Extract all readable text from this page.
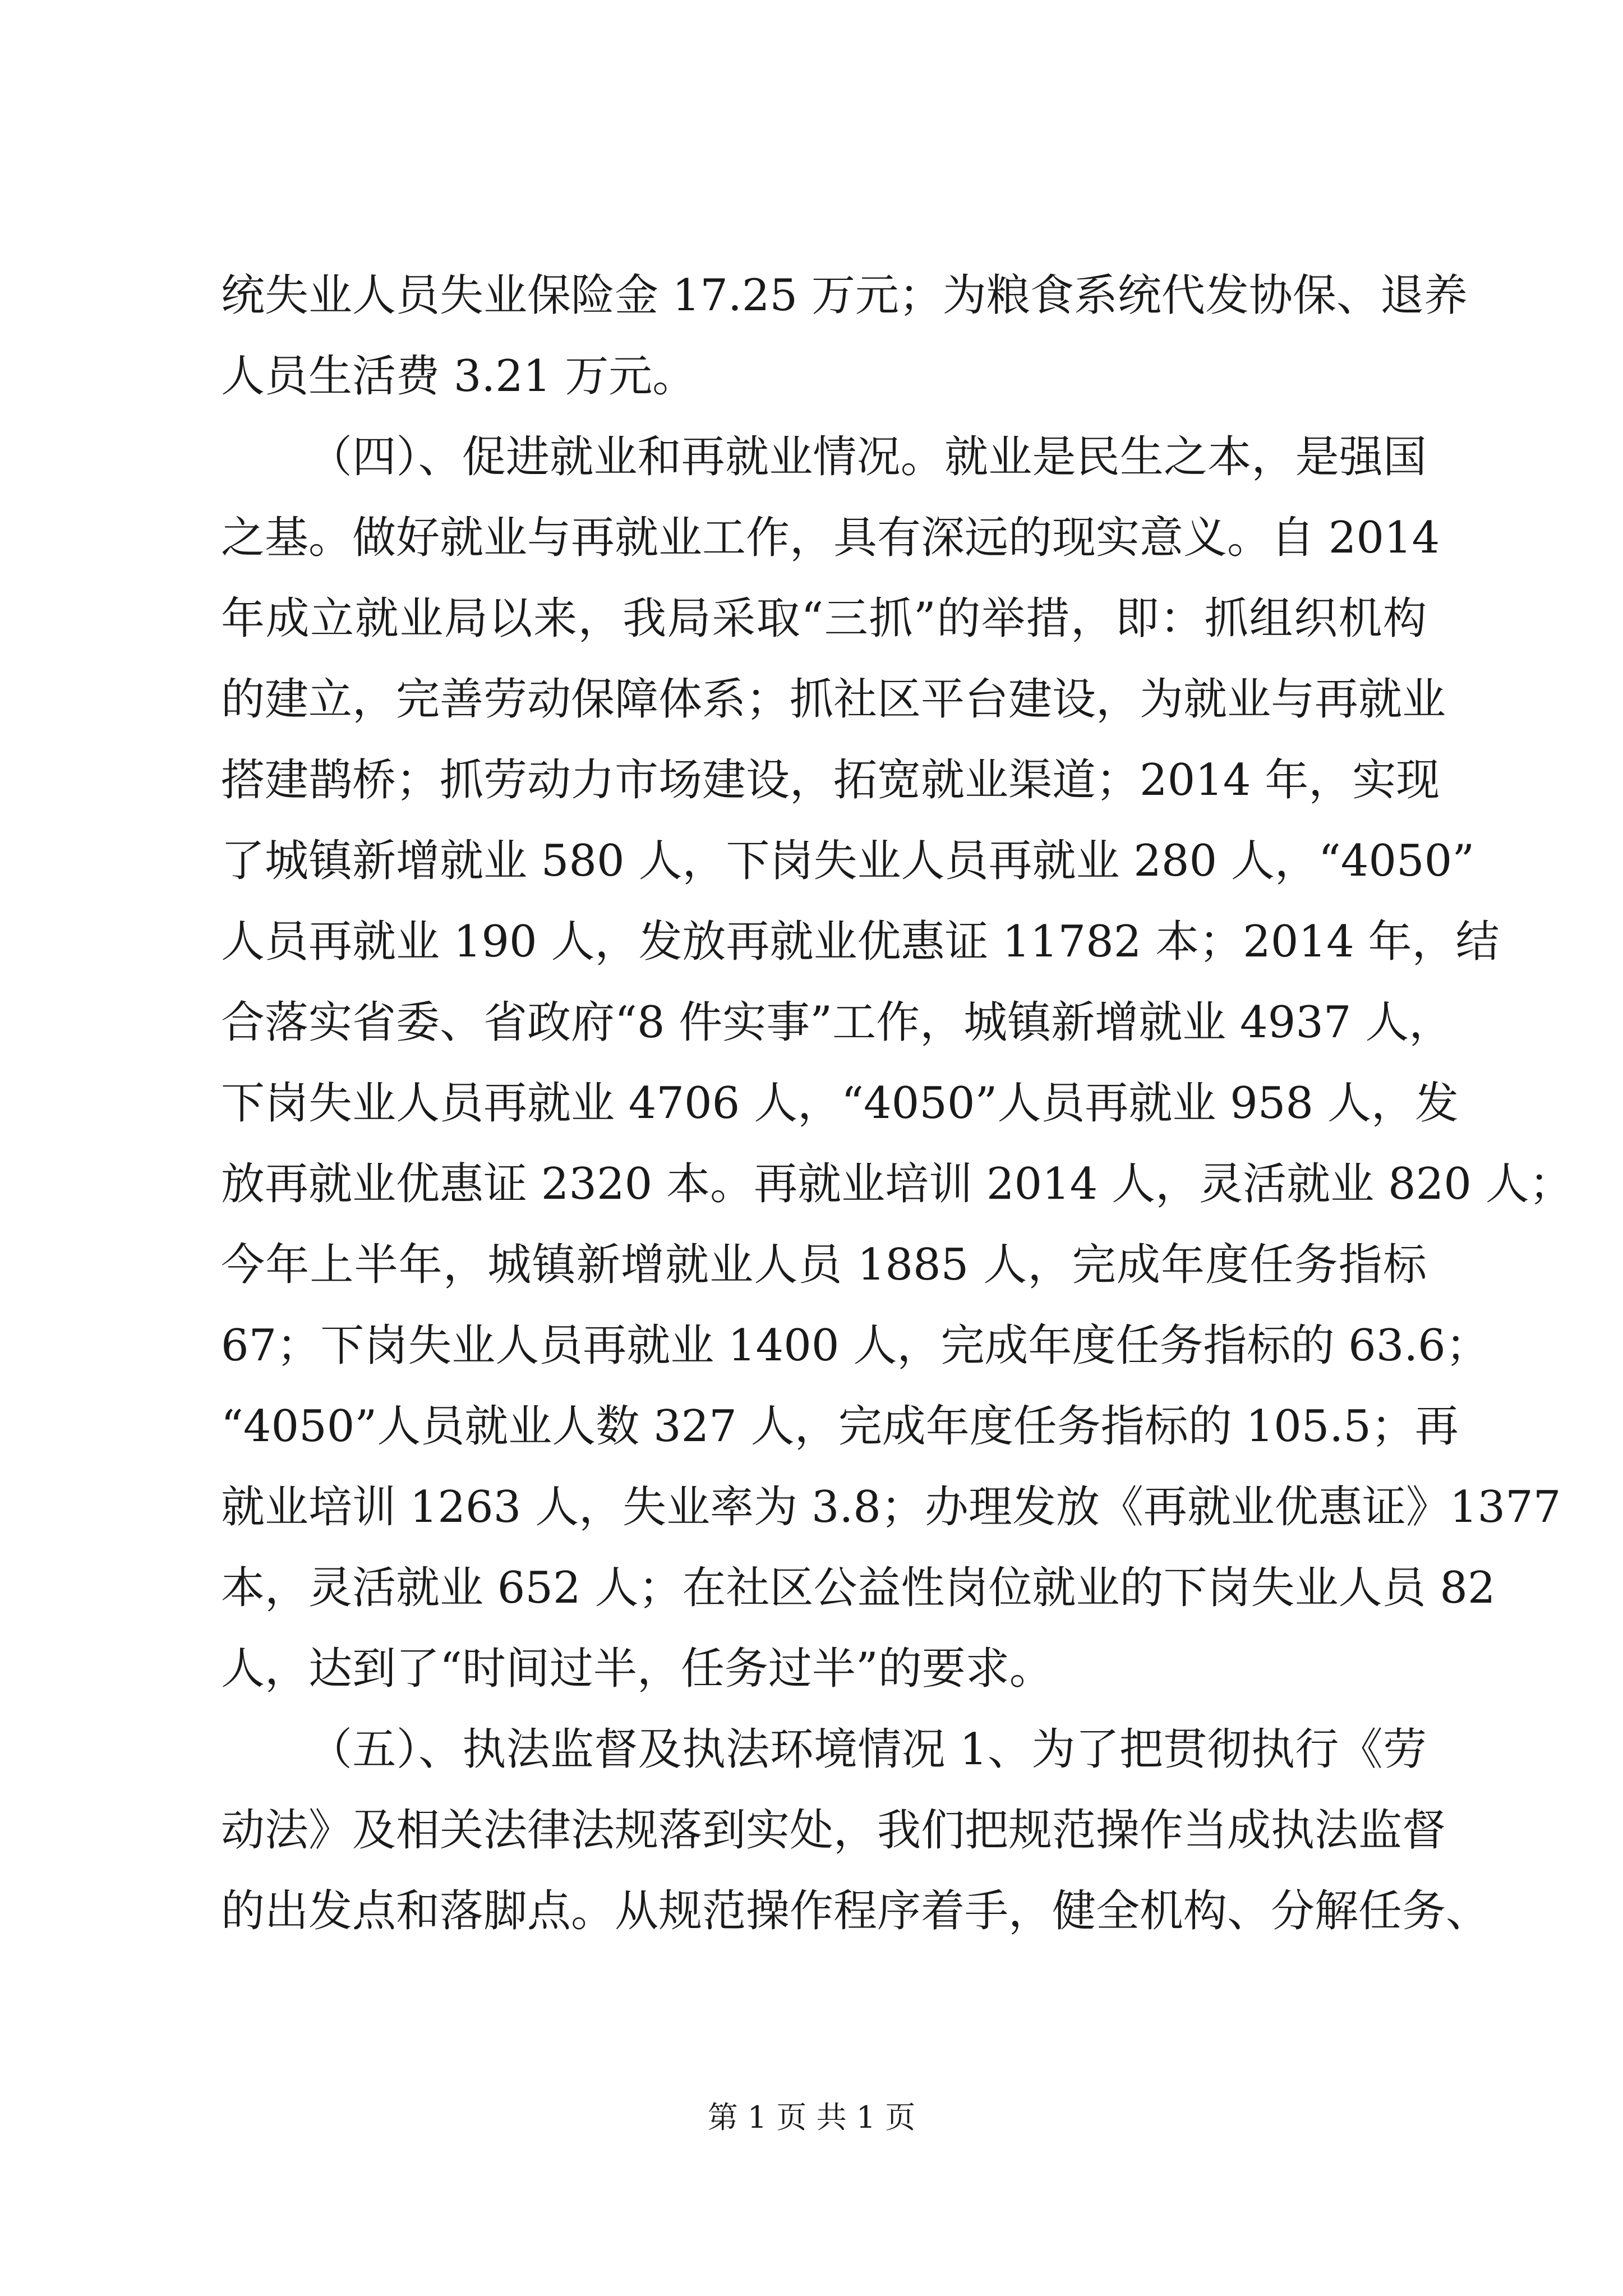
统失业人员失业保险金 17.25 万元；为粮食系统代发协保、退养
人员生活费 3.21 万元。
（四）、促进就业和再就业情况。就业是民生之本，是强国
之基。做好就业与再就业工作，具有深远的现实意义。自 2014
年成立就业局以来，我局采取“三抓”的举措，即：抓组织机构
的建立，完善劳动保障体系；抓社区平台建设，为就业与再就业
搭建鹊桥；抓劳动力市场建设，拓宽就业渠道；2014 年，实现
了城镇新增就业 580 人，下岗失业人员再就业 280 人，“4050”
人员再就业 190 人，发放再就业优惠证 11782 本；2014 年，结
合落实省委、省政府“8 件实事”工作，城镇新增就业 4937 人，
下岗失业人员再就业 4706 人，“4050”人员再就业 958 人，发
放再就业优惠证 2320 本。再就业培训 2014 人，灵活就业 820 人；
今年上半年，城镇新增就业人员 1885 人，完成年度任务指标
67；下岗失业人员再就业 1400 人，完成年度任务指标的 63.6；
“4050”人员就业人数 327 人，完成年度任务指标的 105.5；再
就业培训 1263 人，失业率为 3.8；办理发放《再就业优惠证》1377
本，灵活就业 652 人；在社区公益性岗位就业的下岗失业人员 82
人，达到了“时间过半，任务过半”的要求。
（五）、执法监督及执法环境情况 1、为了把贯彻执行《劳
动法》及相关法律法规落到实处，我们把规范操作当成执法监督
的出发点和落脚点。从规范操作程序着手，健全机构、分解任务、
第 1 页 共 1 页
